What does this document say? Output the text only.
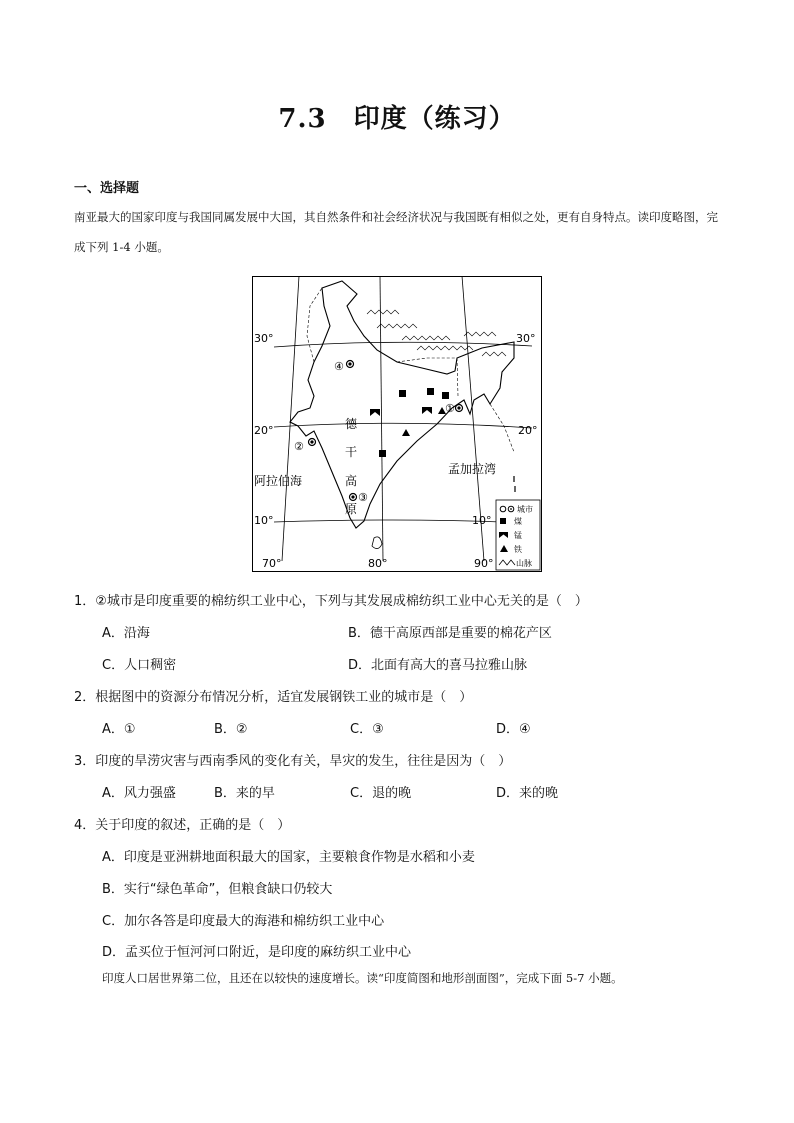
7.3　印度（练习）
一、选择题
南亚最大的国家印度与我国同属发展中大国，其自然条件和社会经济状况与我国既有相似之处，更有自身特点。读印度略图，完成下列 1-4 小题。
30°	30°
20°	20°
10°	10°
70°	80°	90°
④
①
②
③
德
干
高
原
阿拉伯海
孟加拉湾
城市
煤
锰
铁
山脉
1．②城市是印度重要的棉纺织工业中心，下列与其发展成棉纺织工业中心无关的是（　）
A．沿海	B．德干高原西部是重要的棉花产区
C．人口稠密	D．北面有高大的喜马拉雅山脉
2．根据图中的资源分布情况分析，适宜发展钢铁工业的城市是（　）
A．①	B．②	C．③	D．④
3．印度的旱涝灾害与西南季风的变化有关，旱灾的发生，往往是因为（　）
A．风力强盛	B．来的早	C．退的晚	D．来的晚
4．关于印度的叙述，正确的是（　）
A．印度是亚洲耕地面积最大的国家，主要粮食作物是水稻和小麦
B．实行“绿色革命”，但粮食缺口仍较大
C．加尔各答是印度最大的海港和棉纺织工业中心
D．孟买位于恒河河口附近，是印度的麻纺织工业中心
印度人口居世界第二位，且还在以较快的速度增长。读“印度简图和地形剖面图”，完成下面 5-7 小题。
